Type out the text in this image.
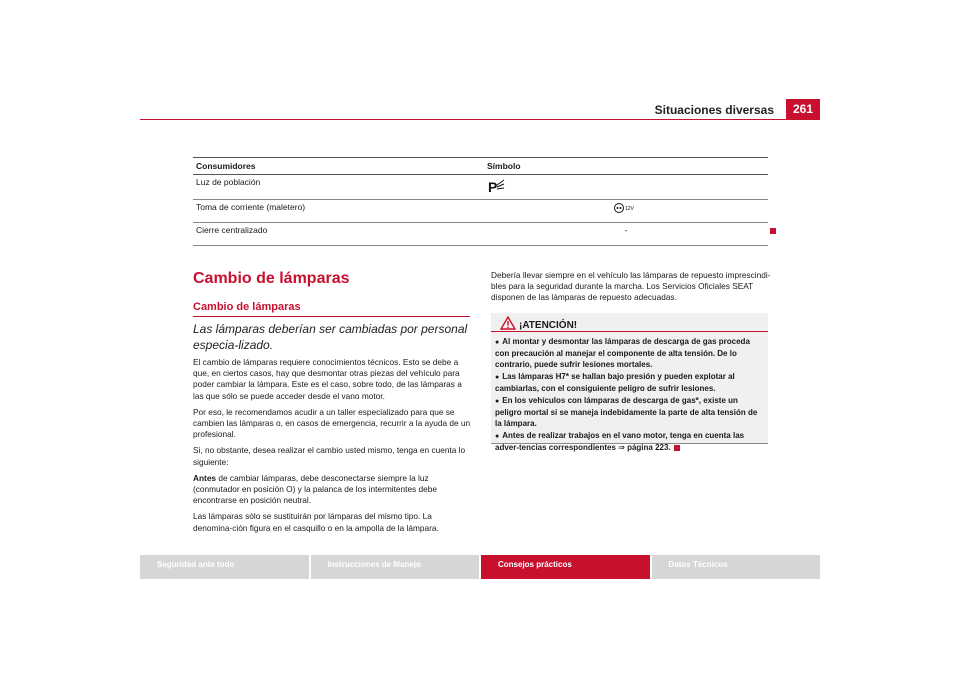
Situaciones diversas	261
Consumidores	Símbolo
Luz de población	P

Toma de corriente (maletero)	12V

Cierre centralizado	-
Cambio de lámparas
Cambio de lámparas
Las lámparas deberían ser cambiadas por personal especia-lizado.

El cambio de lámparas requiere conocimientos técnicos. Esto se debe a que, en ciertos casos, hay que desmontar otras piezas del vehículo para poder cambiar la lámpara. Este es el caso, sobre todo, de las lámparas a las que sólo se puede acceder desde el vano motor.

Por eso, le recomendamos acudir a un taller especializado para que se cambien las lámparas o, en casos de emergencia, recurrir a la ayuda de un profesional.

Si, no obstante, desea realizar el cambio usted mismo, tenga en cuenta lo siguiente:

Antes de cambiar lámparas, debe desconectarse siempre la luz (conmutador en posición O) y la palanca de los intermitentes debe encontrarse en posición neutral.

Las lámparas sólo se sustituirán por lámparas del mismo tipo. La denomina-ción figura en el casquillo o en la ampolla de la lámpara.

Debería llevar siempre en el vehículo las lámparas de repuesto imprescindi-bles para la seguridad durante la marcha. Los Servicios Oficiales SEAT disponen de las lámparas de repuesto adecuadas.
¡ATENCIÓN!
● Al montar y desmontar las lámparas de descarga de gas proceda con precaución al manejar el componente de alta tensión. De lo contrario, puede sufrir lesiones mortales.
● Las lámparas H7* se hallan bajo presión y pueden explotar al cambiarlas, con el consiguiente peligro de sufrir lesiones.
● En los vehículos con lámparas de descarga de gas*, existe un peligro mortal si se maneja indebidamente la parte de alta tensión de la lámpara.
● Antes de realizar trabajos en el vano motor, tenga en cuenta las adver-tencias correspondientes ⇒ página 223.
Seguridad ante todo	Instrucciones de Manejo	Consejos prácticos	Datos Técnicos
